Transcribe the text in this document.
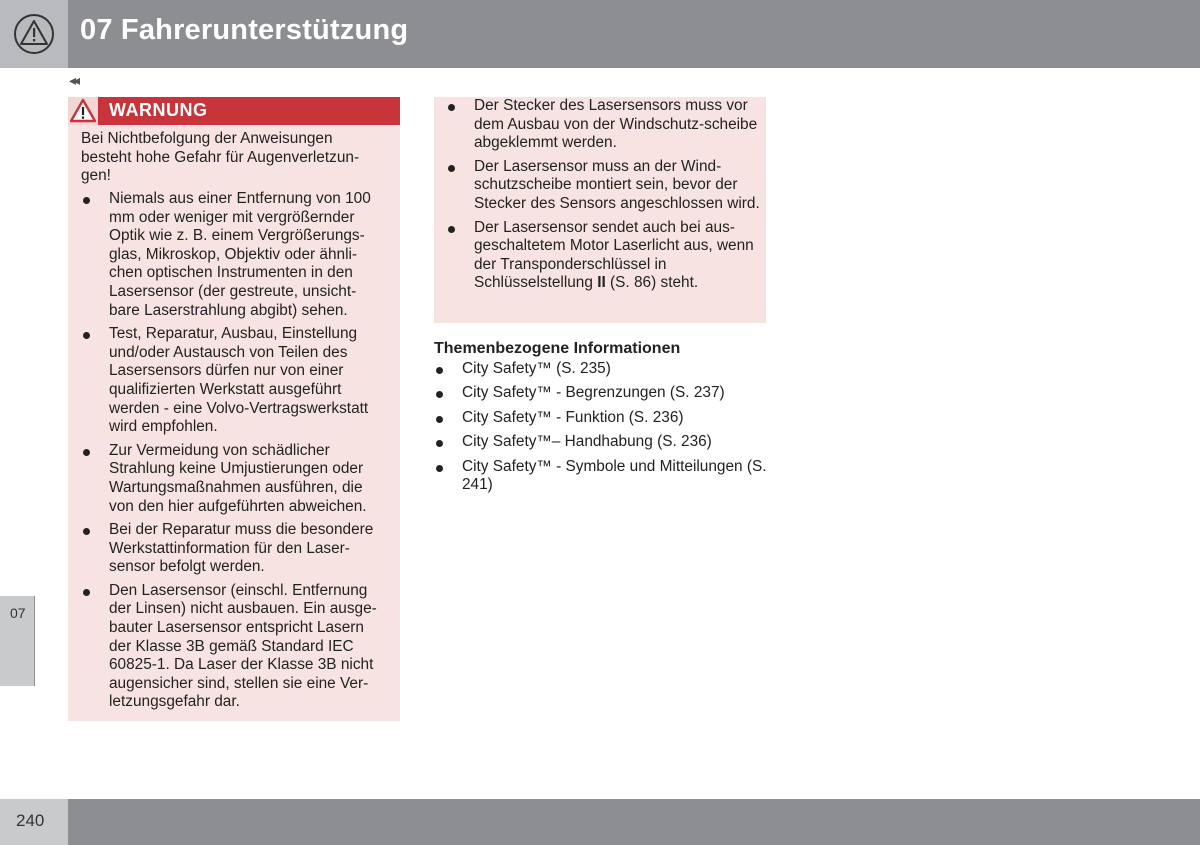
07 Fahrerunterstützung
◂◂
07
WARNUNG
Bei Nichtbefolgung der Anweisungen besteht hohe Gefahr für Augenverletzun-gen!
Niemals aus einer Entfernung von 100 mm oder weniger mit vergrößernder Optik wie z. B. einem Vergrößerungs-glas, Mikroskop, Objektiv oder ähnli-chen optischen Instrumenten in den Lasersensor (der gestreute, unsicht-bare Laserstrahlung abgibt) sehen.
Test, Reparatur, Ausbau, Einstellung und/oder Austausch von Teilen des Lasersensors dürfen nur von einer qualifizierten Werkstatt ausgeführt werden - eine Volvo-Vertragswerkstatt wird empfohlen.
Zur Vermeidung von schädlicher Strahlung keine Umjustierungen oder Wartungsmaßnahmen ausführen, die von den hier aufgeführten abweichen.
Bei der Reparatur muss die besondere Werkstattinformation für den Laser-sensor befolgt werden.
Den Lasersensor (einschl. Entfernung der Linsen) nicht ausbauen. Ein ausge-bauter Lasersensor entspricht Lasern der Klasse 3B gemäß Standard IEC 60825-1. Da Laser der Klasse 3B nicht augensicher sind, stellen sie eine Ver-letzungsgefahr dar.
Der Stecker des Lasersensors muss vor dem Ausbau von der Windschutz-scheibe abgeklemmt werden.
Der Lasersensor muss an der Wind-schutzscheibe montiert sein, bevor der Stecker des Sensors angeschlossen wird.
Der Lasersensor sendet auch bei aus-geschaltetem Motor Laserlicht aus, wenn der Transponderschlüssel in Schlüsselstellung II (S. 86) steht.
Themenbezogene Informationen
City Safety™ (S. 235)
City Safety™ - Begrenzungen (S. 237)
City Safety™ - Funktion (S. 236)
City Safety™– Handhabung (S. 236)
City Safety™ - Symbole und Mitteilungen (S. 241)
240
